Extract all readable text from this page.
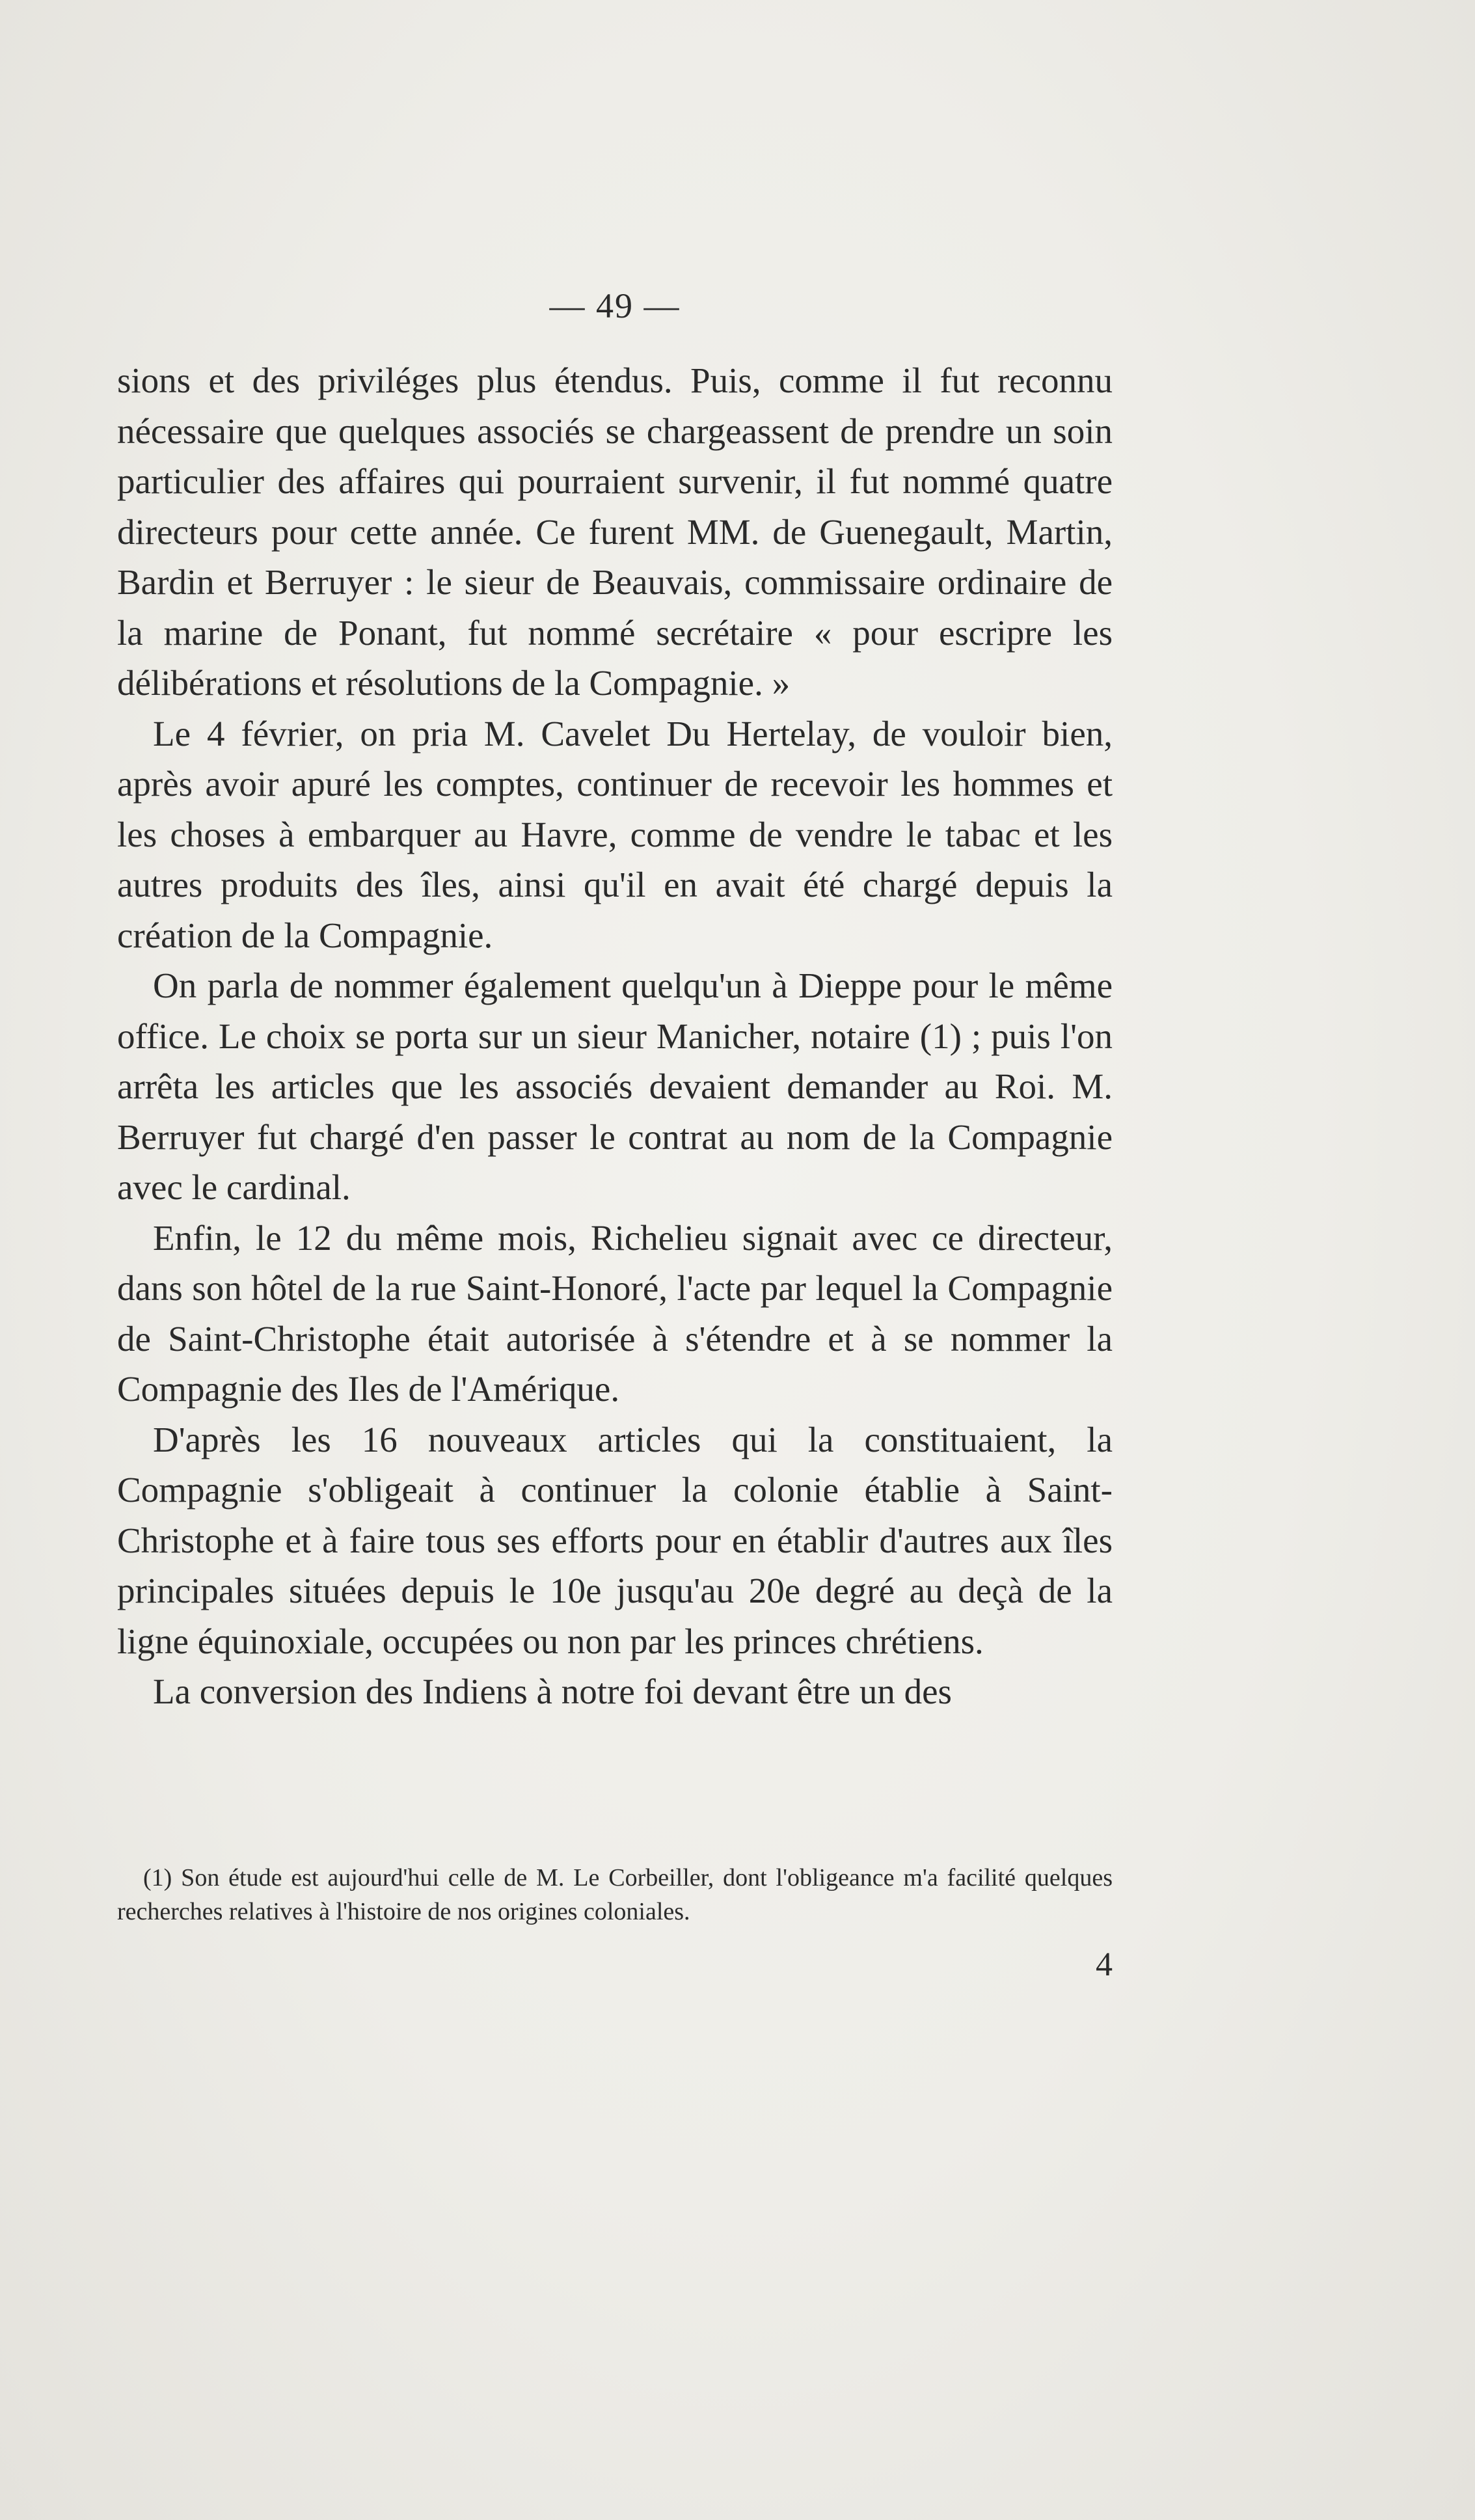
— 49 —

sions et des priviléges plus étendus. Puis, comme il fut reconnu nécessaire que quelques associés se chargeassent de prendre un soin particulier des affaires qui pourraient survenir, il fut nommé quatre directeurs pour cette année. Ce furent MM. de Guenegault, Martin, Bardin et Berruyer : le sieur de Beauvais, commissaire ordinaire de la marine de Ponant, fut nommé secrétaire « pour escripre les délibérations et résolutions de la Compagnie. »

Le 4 février, on pria M. Cavelet Du Hertelay, de vouloir bien, après avoir apuré les comptes, continuer de recevoir les hommes et les choses à embarquer au Havre, comme de vendre le tabac et les autres produits des îles, ainsi qu'il en avait été chargé depuis la création de la Compagnie.

On parla de nommer également quelqu'un à Dieppe pour le même office. Le choix se porta sur un sieur Manicher, notaire (1) ; puis l'on arrêta les articles que les associés devaient demander au Roi. M. Berruyer fut chargé d'en passer le contrat au nom de la Compagnie avec le cardinal.

Enfin, le 12 du même mois, Richelieu signait avec ce directeur, dans son hôtel de la rue Saint-Honoré, l'acte par lequel la Compagnie de Saint-Christophe était autorisée à s'étendre et à se nommer la Compagnie des Iles de l'Amérique.

D'après les 16 nouveaux articles qui la constituaient, la Compagnie s'obligeait à continuer la colonie établie à Saint-Christophe et à faire tous ses efforts pour en établir d'autres aux îles principales situées depuis le 10e jusqu'au 20e degré au deçà de la ligne équinoxiale, occupées ou non par les princes chrétiens.

La conversion des Indiens à notre foi devant être un des

(1) Son étude est aujourd'hui celle de M. Le Corbeiller, dont l'obligeance m'a facilité quelques recherches relatives à l'histoire de nos origines coloniales.

4
